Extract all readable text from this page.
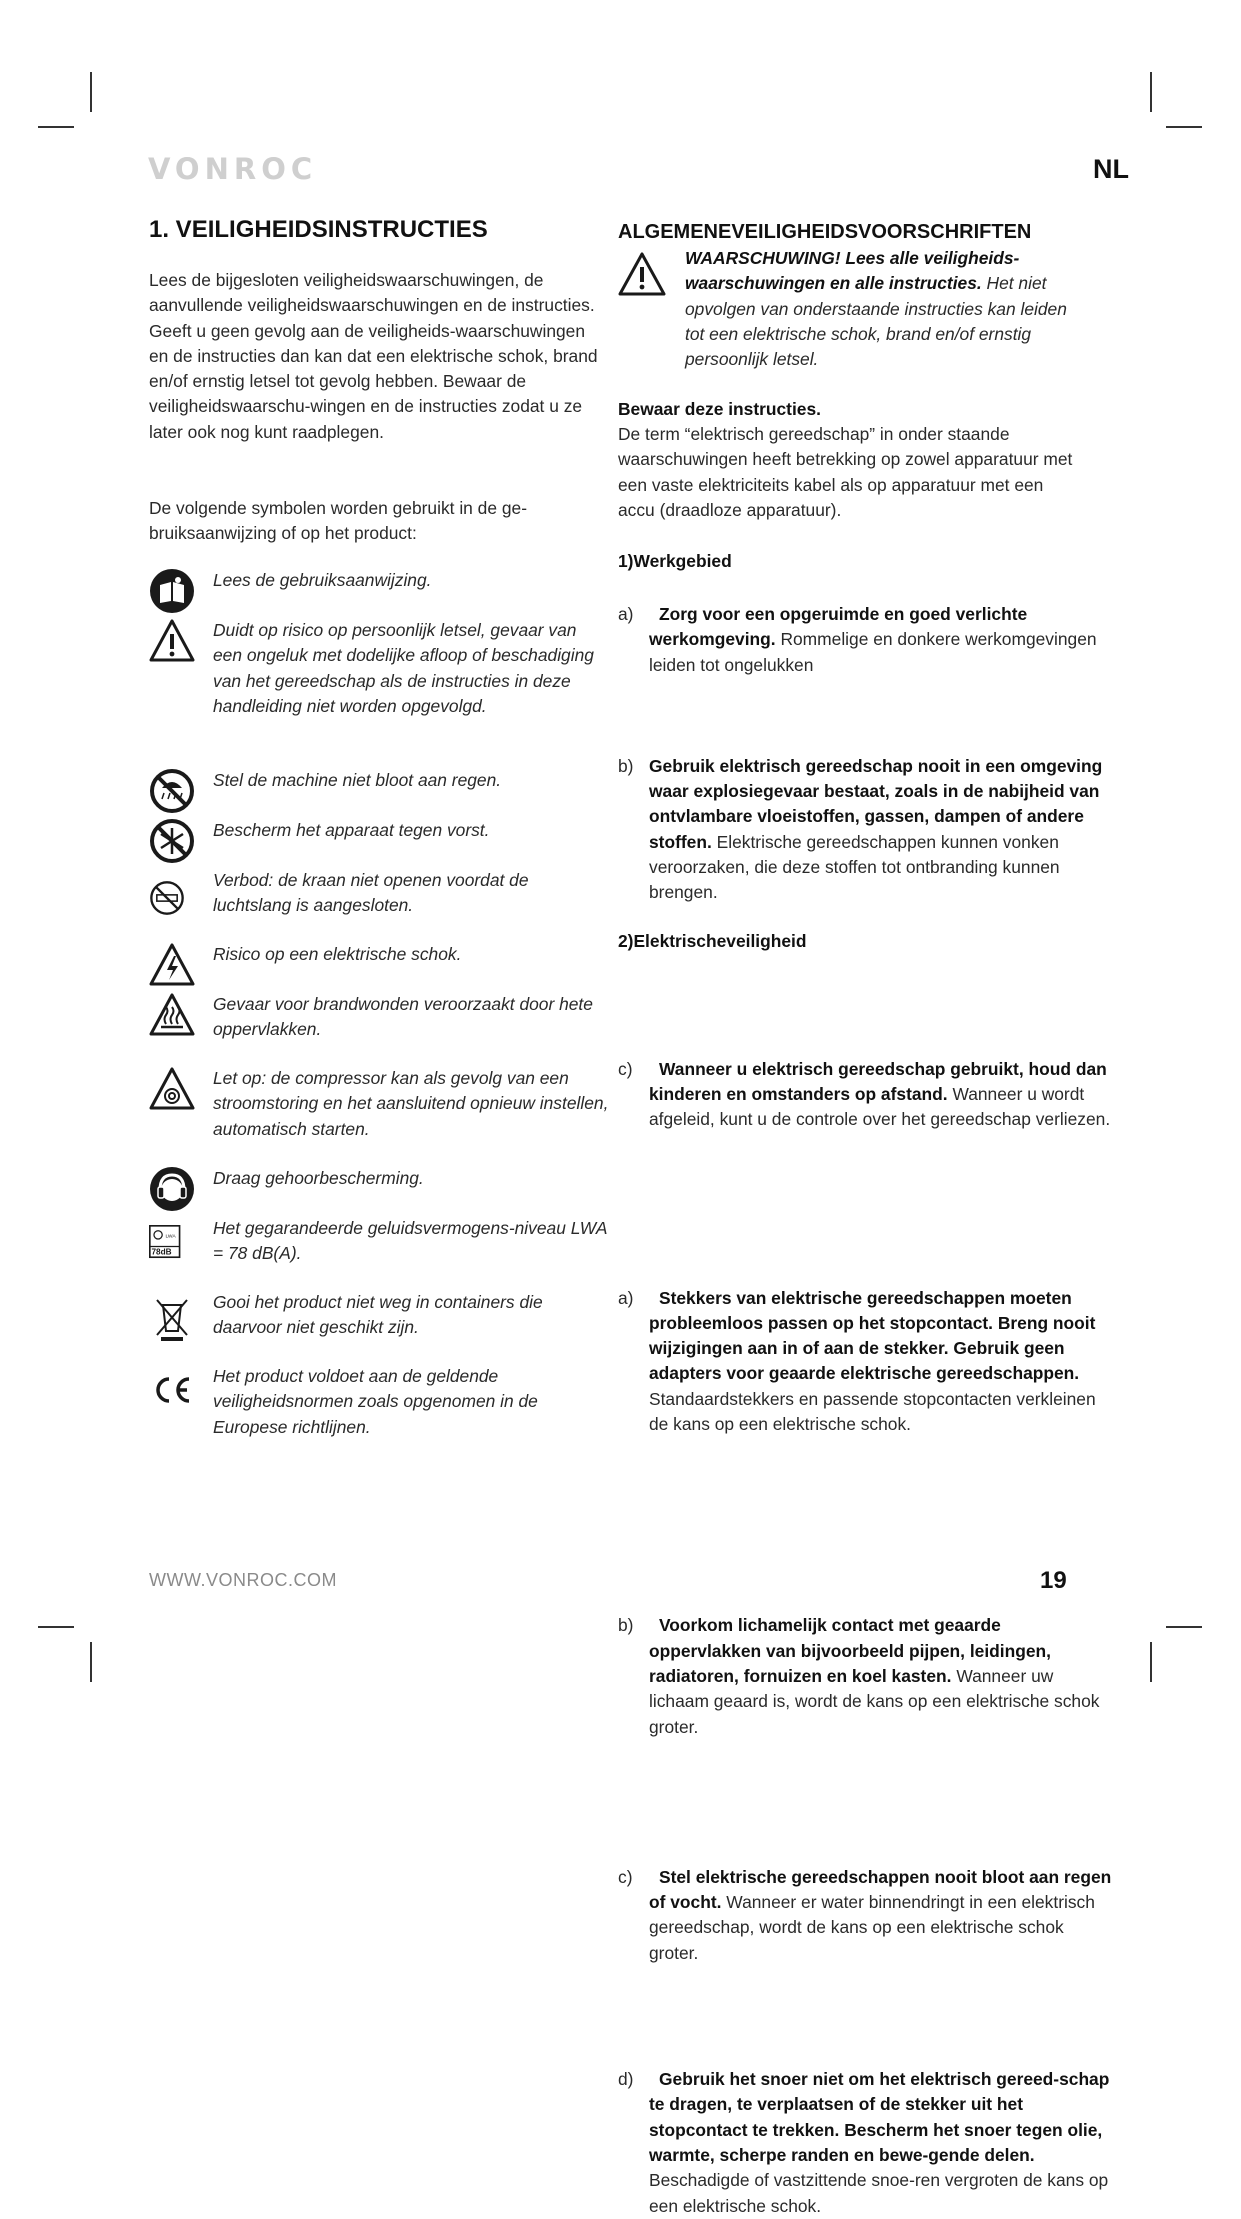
VONROC	NL
1. VEILIGHEIDSINSTRUCTIES

Lees de bijgesloten veiligheidswaarschuwingen, de aanvullende veiligheidswaarschuwingen en de instructies. Geeft u geen gevolg aan de veiligheids-waarschuwingen en de instructies dan kan dat een elektrische schok, brand en/of ernstig letsel tot gevolg hebben. Bewaar de veiligheidswaarschu-wingen en de instructies zodat u ze later ook nog kunt raadplegen.

De volgende symbolen worden gebruikt in de ge-bruiksaanwijzing of op het product:

Lees de gebruiksaanwijzing.
Duidt op risico op persoonlijk letsel, gevaar van een ongeluk met dodelijke afloop of beschadiging van het gereedschap als de instructies in deze handleiding niet worden opgevolgd.
Stel de machine niet bloot aan regen.
Bescherm het apparaat tegen vorst.
Verbod: de kraan niet openen voordat de luchtslang is aangesloten.
Risico op een elektrische schok.
Gevaar voor brandwonden veroorzaakt door hete oppervlakken.
Let op: de compressor kan als gevolg van een stroomstoring en het aansluitend opnieuw instellen, automatisch starten.
Draag gehoorbescherming.
LWA
78dB
Het gegarandeerde geluidsvermogens-niveau LWA = 78 dB(A).
Gooi het product niet weg in containers die daarvoor niet geschikt zijn.
Het product voldoet aan de geldende veiligheidsnormen zoals opgenomen in de Europese richtlijnen.
ALGEMENEVEILIGHEIDSVOORSCHRIFTEN
WAARSCHUWING! Lees alle veiligheids-waarschuwingen en alle instructies. Het niet opvolgen van onderstaande instructies kan leiden tot een elektrische schok, brand en/of ernstig persoonlijk letsel.
Bewaar deze instructies.
De term “elektrisch gereedschap” in onder staande waarschuwingen heeft betrekking op zowel apparatuur met een vaste elektriciteits kabel als op apparatuur met een accu (draadloze apparatuur).
1)Werkgebied
a) Zorg voor een opgeruimde en goed verlichte werkomgeving. Rommelige en donkere werkomgevingen leiden tot ongelukken
b) Gebruik elektrisch gereedschap nooit in een omgeving waar explosiegevaar bestaat, zoals in de nabijheid van ontvlambare vloeistoffen, gassen, dampen of andere stoffen. Elektrische gereedschappen kunnen vonken veroorzaken, die deze stoffen tot ontbranding kunnen brengen.
c) Wanneer u elektrisch gereedschap gebruikt, houd dan kinderen en omstanders op afstand. Wanneer u wordt afgeleid, kunt u de controle over het gereedschap verliezen.
2)Elektrischeveiligheid
a) Stekkers van elektrische gereedschappen moeten probleemloos passen op het stopcontact. Breng nooit wijzigingen aan in of aan de stekker. Gebruik geen adapters voor geaarde elektrische gereedschappen. Standaardstekkers en passende stopcontacten verkleinen de kans op een elektrische schok.
b) Voorkom lichamelijk contact met geaarde oppervlakken van bijvoorbeeld pijpen, leidingen, radiatoren, fornuizen en koel kasten. Wanneer uw lichaam geaard is, wordt de kans op een elektrische schok groter.
c) Stel elektrische gereedschappen nooit bloot aan regen of vocht. Wanneer er water binnendringt in een elektrisch gereedschap, wordt de kans op een elektrische schok groter.
d) Gebruik het snoer niet om het elektrisch gereed-schap te dragen, te verplaatsen of de stekker uit het stopcontact te trekken. Bescherm het snoer tegen olie, warmte, scherpe randen en bewe-gende delen. Beschadigde of vastzittende snoe-ren vergroten de kans op een elektrische schok.
WWW.VONROC.COM	19
